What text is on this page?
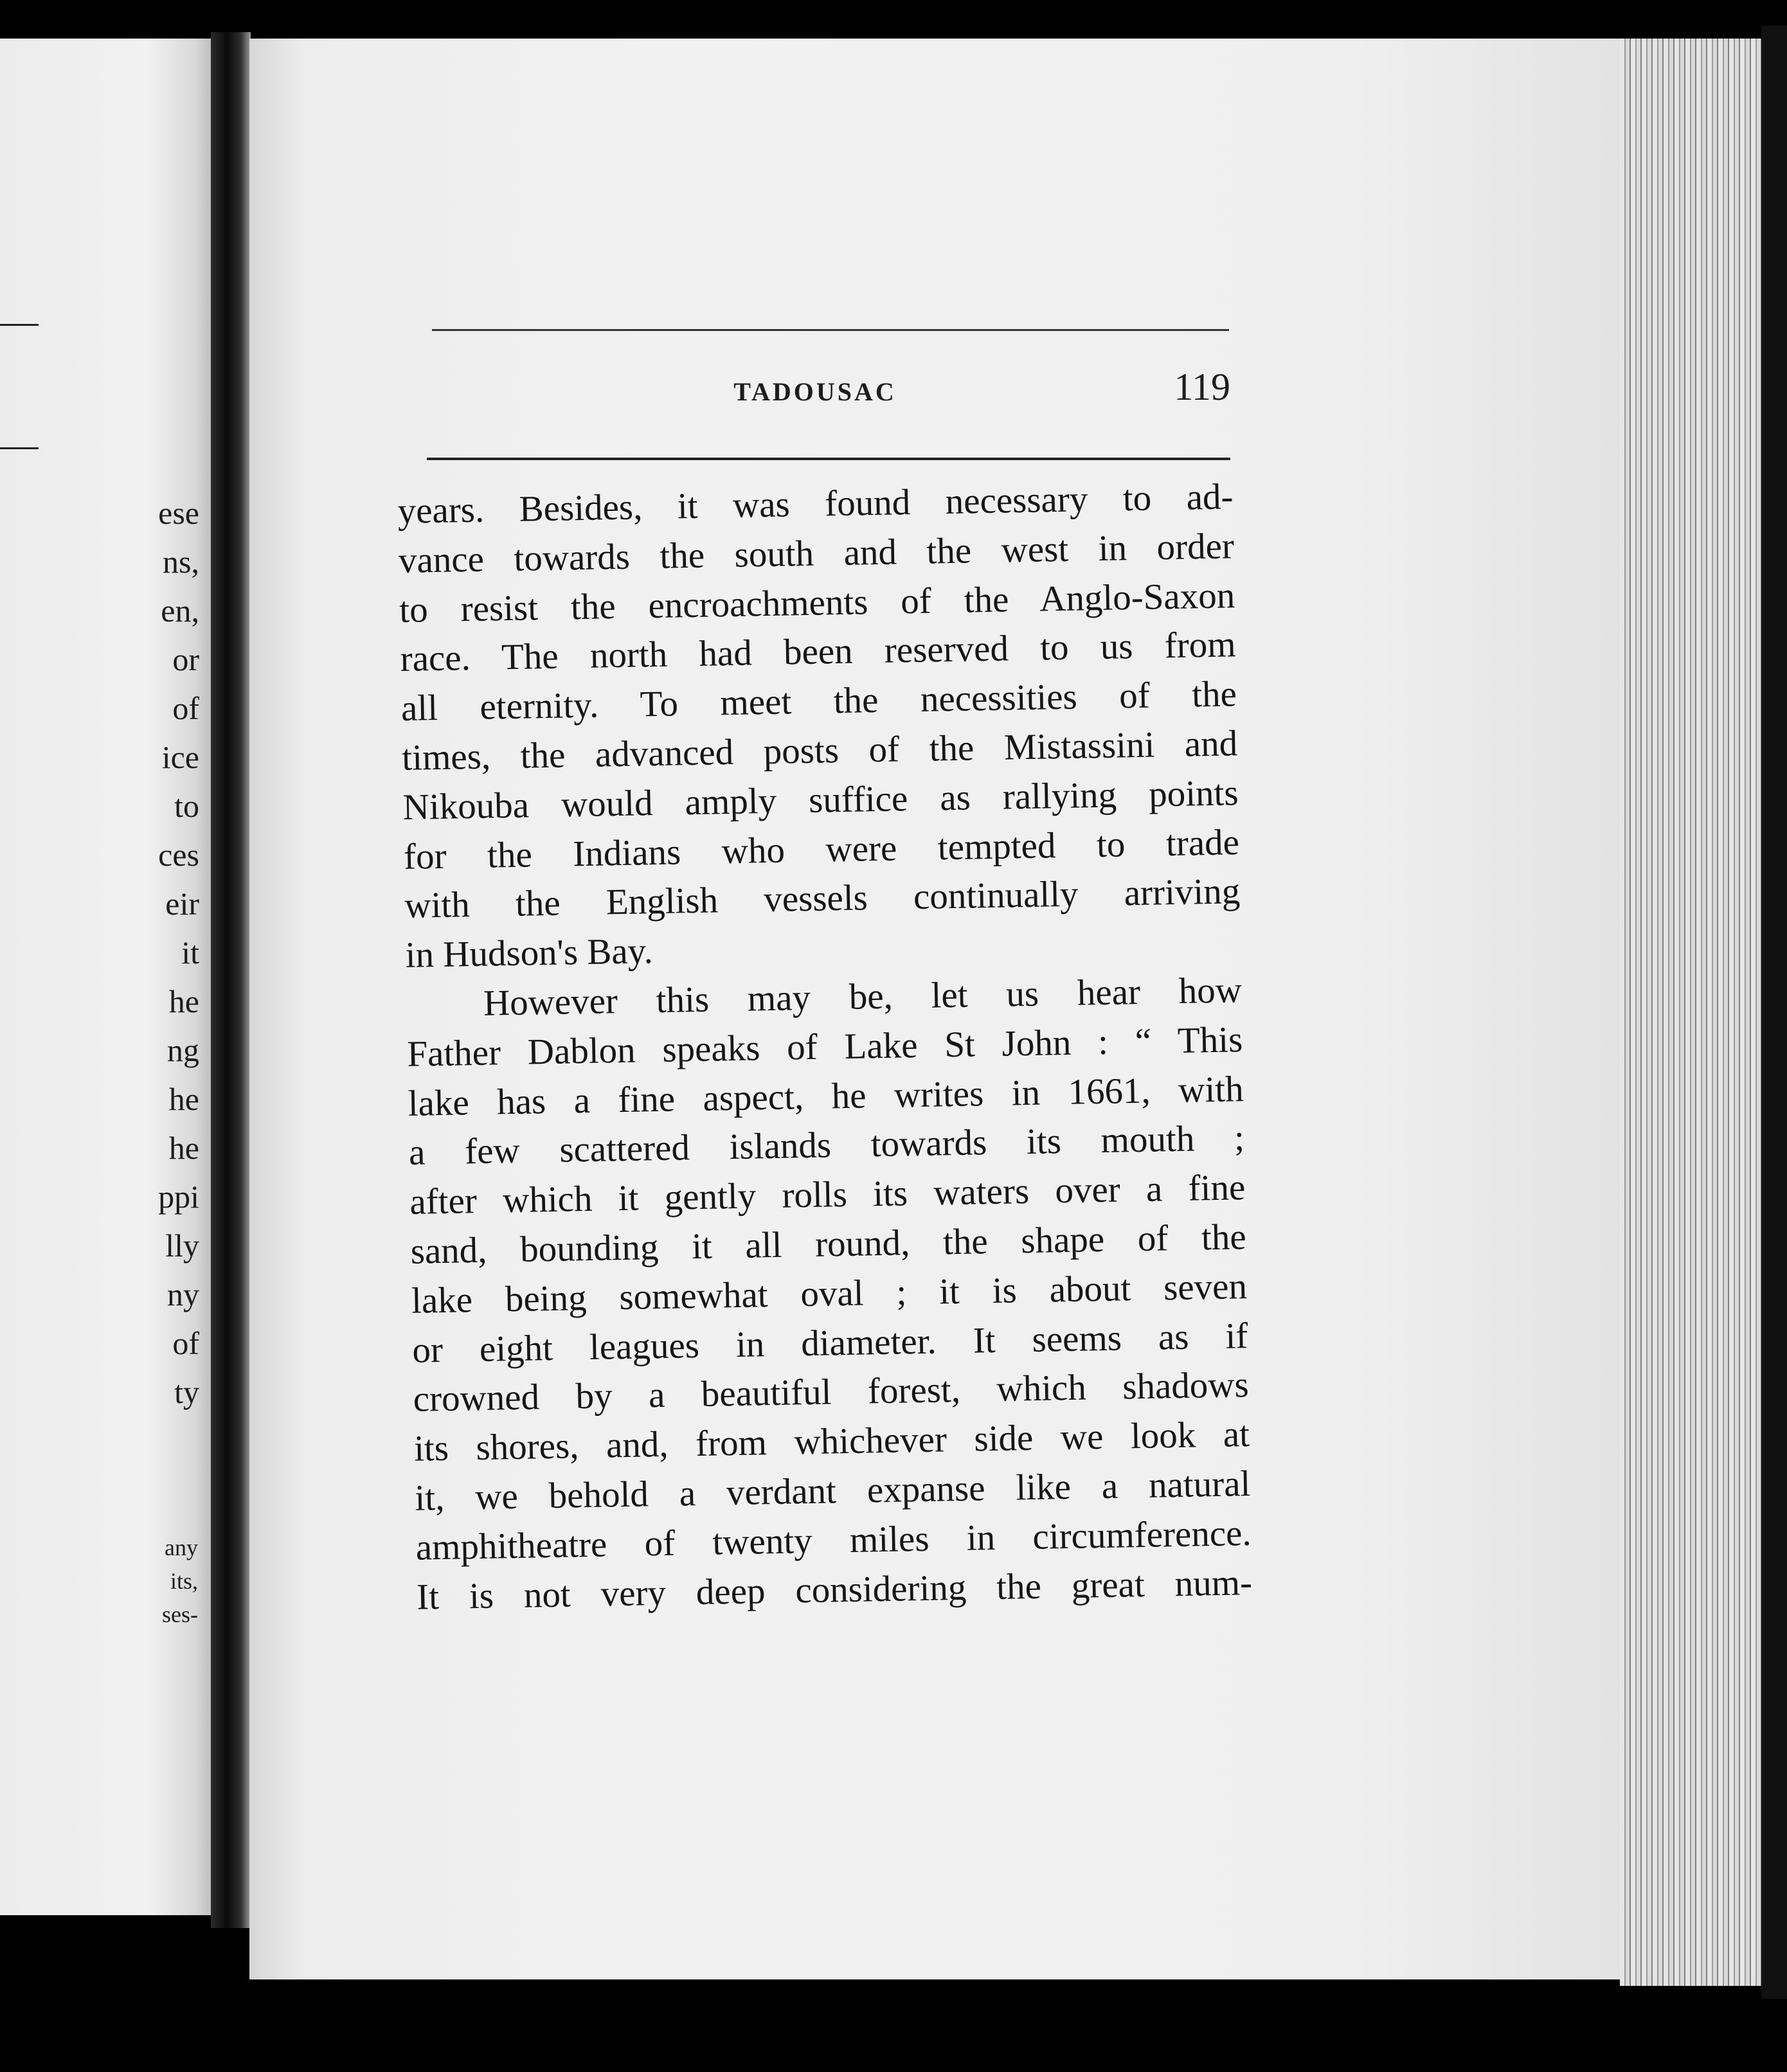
ese
ns,
en,
or
of
ice
to
ces
eir
it
he
ng
he
he
ppi
lly
ny
of
ty
any
its,
ses-
TADOUSAC	119
years. Besides, it was found necessary to ad-
vance towards the south and the west in order
to resist the encroachments of the Anglo-Saxon
race. The north had been reserved to us from
all eternity. To meet the necessities of the
times, the advanced posts of the Mistassini and
Nikouba would amply suffice as rallying points
for the Indians who were tempted to trade
with the English vessels continually arriving
in Hudson's Bay.
However this may be, let us hear how
Father Dablon speaks of Lake St John : “ This
lake has a fine aspect, he writes in 1661, with
a few scattered islands towards its mouth ;
after which it gently rolls its waters over a fine
sand, bounding it all round, the shape of the
lake being somewhat oval ; it is about seven
or eight leagues in diameter. It seems as if
crowned by a beautiful forest, which shadows
its shores, and, from whichever side we look at
it, we behold a verdant expanse like a natural
amphitheatre of twenty miles in circumference.
It is not very deep considering the great num-
